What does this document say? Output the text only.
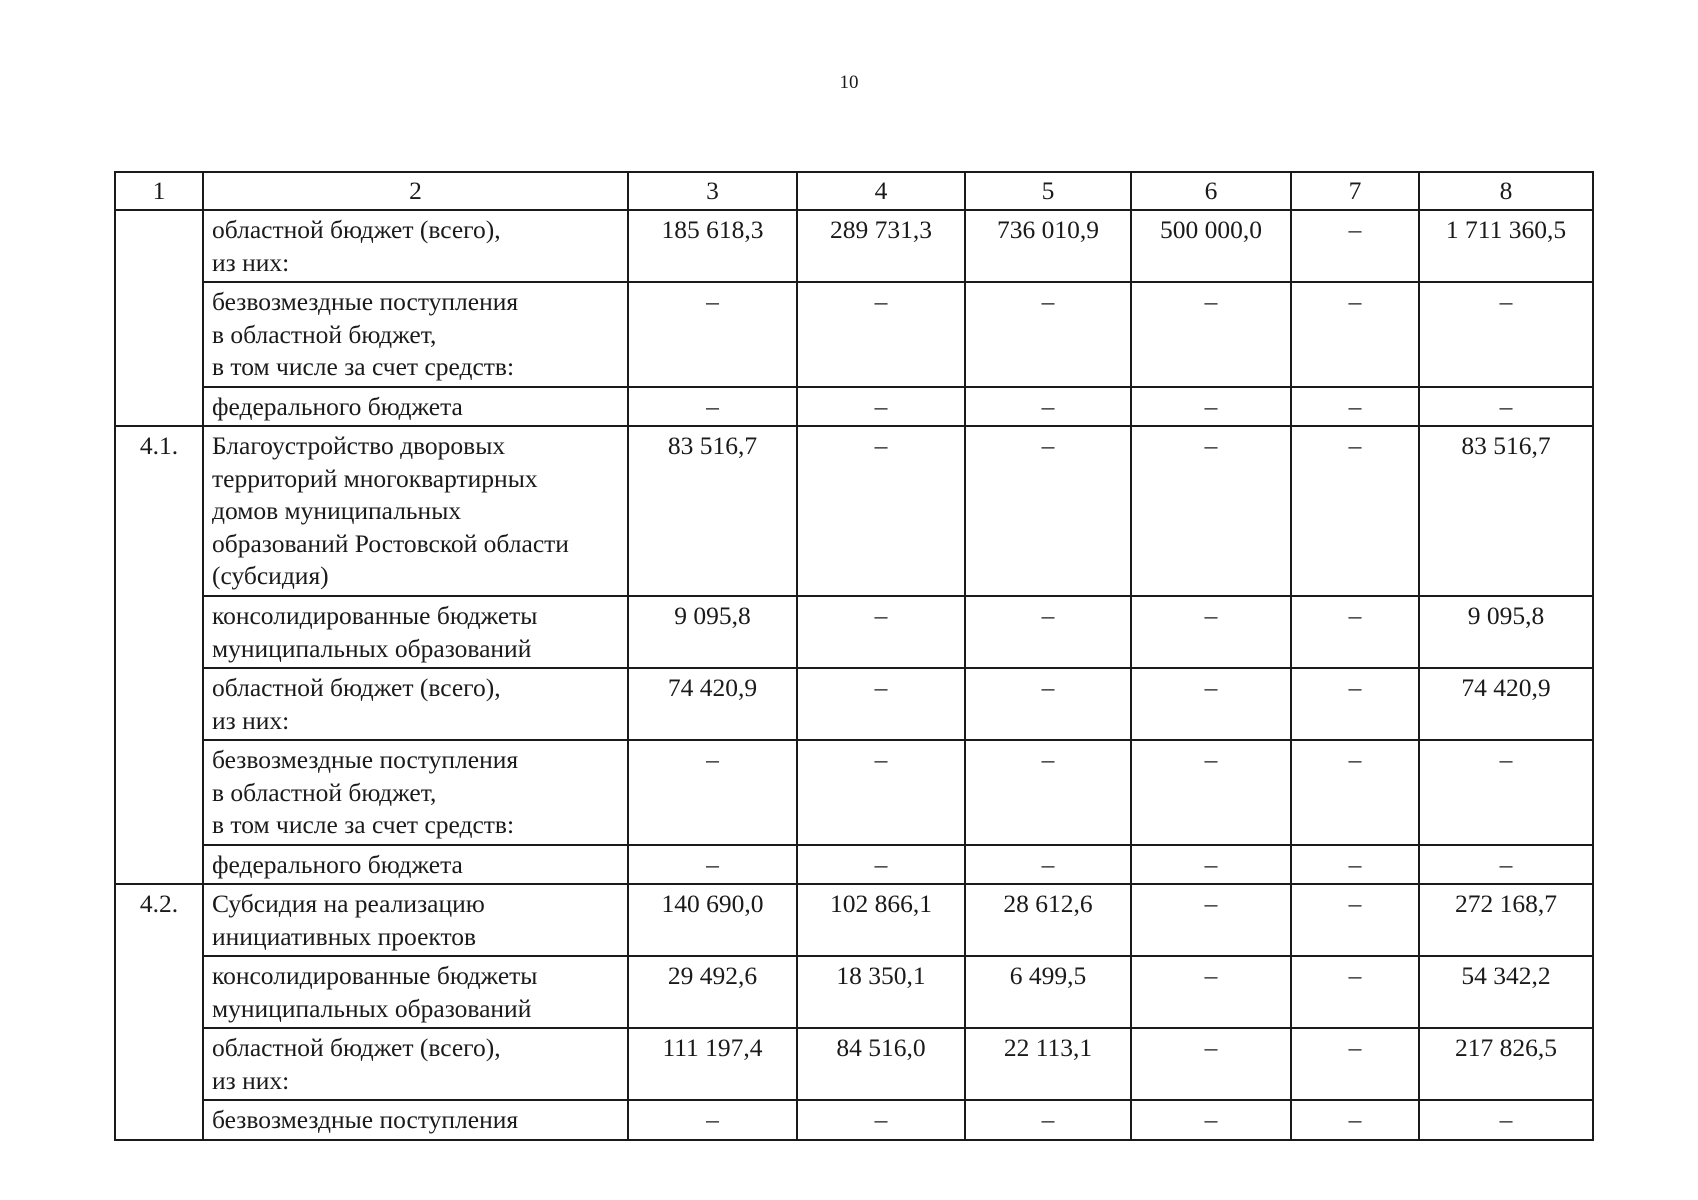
10
1	2	3	4	5	6	7	8
	областной бюджет (всего),
из них:	185 618,3	289 731,3	736 010,9	500 000,0	–	1 711 360,5
	безвозмездные поступления
в областной бюджет,
в том числе за счет средств:	–	–	–	–	–	–
	федерального бюджета	–	–	–	–	–	–
4.1.	Благоустройство дворовых
территорий многоквартирных
домов муниципальных
образований Ростовской области
(субсидия)	83 516,7	–	–	–	–	83 516,7
	консолидированные бюджеты
муниципальных образований	9 095,8	–	–	–	–	9 095,8
	областной бюджет (всего),
из них:	74 420,9	–	–	–	–	74 420,9
	безвозмездные поступления
в областной бюджет,
в том числе за счет средств:	–	–	–	–	–	–
	федерального бюджета	–	–	–	–	–	–
4.2.	Субсидия на реализацию
инициативных проектов	140 690,0	102 866,1	28 612,6	–	–	272 168,7
	консолидированные бюджеты
муниципальных образований	29 492,6	18 350,1	6 499,5	–	–	54 342,2
	областной бюджет (всего),
из них:	111 197,4	84 516,0	22 113,1	–	–	217 826,5
	безвозмездные поступления	–	–	–	–	–	–
